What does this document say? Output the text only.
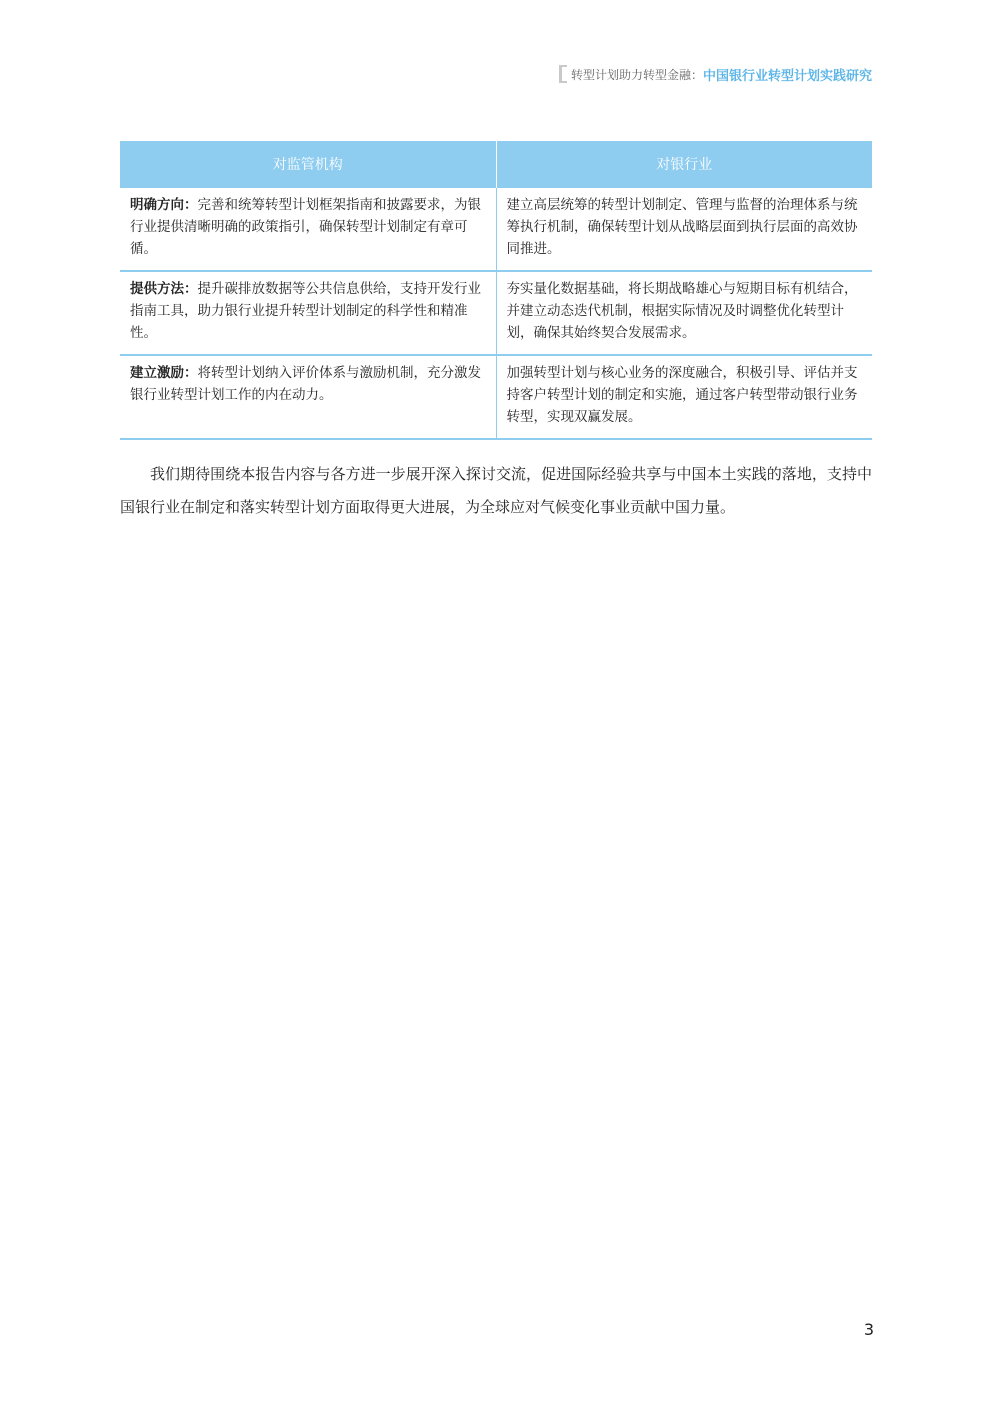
转型计划助力转型金融： 中国银行业转型计划实践研究
对监管机构	对银行业
明确方向：完善和统筹转型计划框架指南和披露要求，为银行业提供清晰明确的政策指引，确保转型计划制定有章可循。	建立高层统筹的转型计划制定、管理与监督的治理体系与统筹执行机制，确保转型计划从战略层面到执行层面的高效协同推进。
提供方法：提升碳排放数据等公共信息供给，支持开发行业指南工具，助力银行业提升转型计划制定的科学性和精准性。	夯实量化数据基础，将长期战略雄心与短期目标有机结合，并建立动态迭代机制，根据实际情况及时调整优化转型计划，确保其始终契合发展需求。
建立激励：将转型计划纳入评价体系与激励机制，充分激发银行业转型计划工作的内在动力。	加强转型计划与核心业务的深度融合，积极引导、评估并支持客户转型计划的制定和实施，通过客户转型带动银行业务转型，实现双赢发展。

我们期待围绕本报告内容与各方进一步展开深入探讨交流，促进国际经验共享与中国本土实践的落地，支持中国银行业在制定和落实转型计划方面取得更大进展，为全球应对气候变化事业贡献中国力量。

3
